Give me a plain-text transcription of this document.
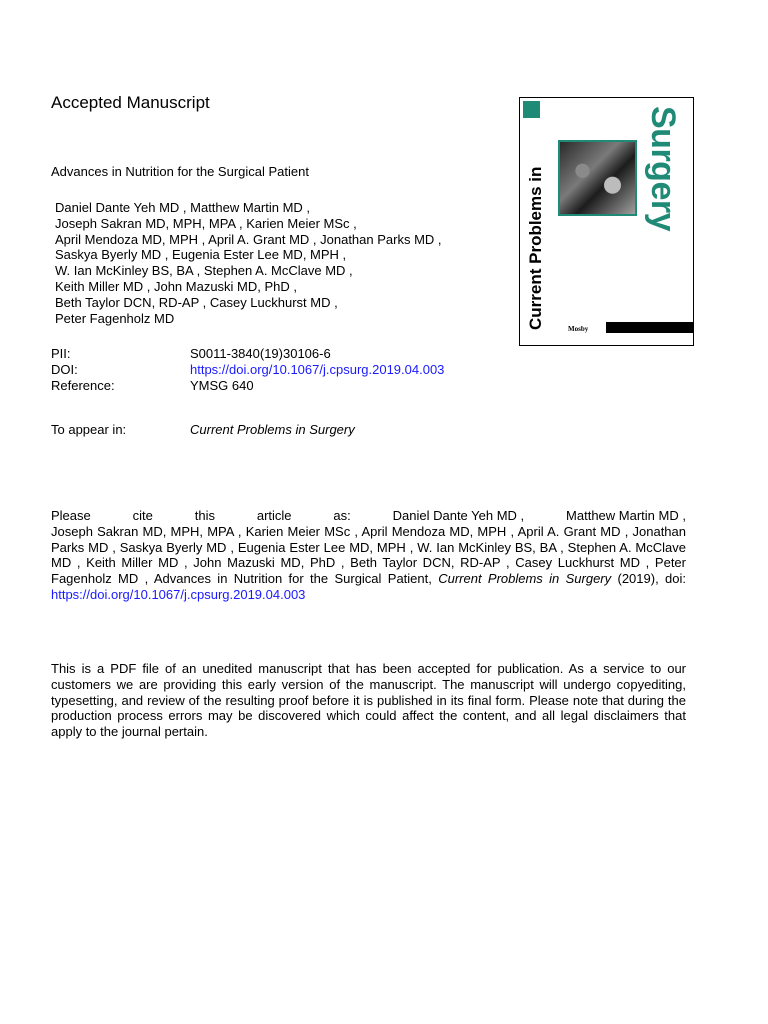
Accepted Manuscript
Advances in Nutrition for the Surgical Patient
Daniel Dante Yeh MD , Matthew Martin MD ,
Joseph Sakran MD, MPH, MPA , Karien Meier MSc ,
April Mendoza MD, MPH , April A. Grant MD , Jonathan Parks MD ,
Saskya Byerly MD , Eugenia Ester Lee MD, MPH ,
W. Ian McKinley BS, BA , Stephen A. McClave MD ,
Keith Miller MD , John Mazuski MD, PhD ,
Beth Taylor DCN, RD-AP , Casey Luckhurst MD ,
Peter Fagenholz MD
PII:	S0011-3840(19)30106-6
DOI:	https://doi.org/10.1067/j.cpsurg.2019.04.003
Reference:	YMSG 640
To appear in:	Current Problems in Surgery
Please	cite	this	article	as:	Daniel Dante Yeh MD ,	Matthew Martin MD ,
Joseph Sakran MD, MPH, MPA , Karien Meier MSc , April Mendoza MD, MPH , April A. Grant MD , Jonathan Parks MD , Saskya Byerly MD , Eugenia Ester Lee MD, MPH , W. Ian McKinley BS, BA , Stephen A. McClave MD , Keith Miller MD , John Mazuski MD, PhD , Beth Taylor DCN, RD-AP , Casey Luckhurst MD , Peter Fagenholz MD , Advances in Nutrition for the Surgical Patient, Current Problems in Surgery (2019), doi: https://doi.org/10.1067/j.cpsurg.2019.04.003
This is a PDF file of an unedited manuscript that has been accepted for publication. As a service to our customers we are providing this early version of the manuscript. The manuscript will undergo copyediting, typesetting, and review of the resulting proof before it is published in its final form. Please note that during the production process errors may be discovered which could affect the content, and all legal disclaimers that apply to the journal pertain.
Current Problems in	Surgery
Mosby
